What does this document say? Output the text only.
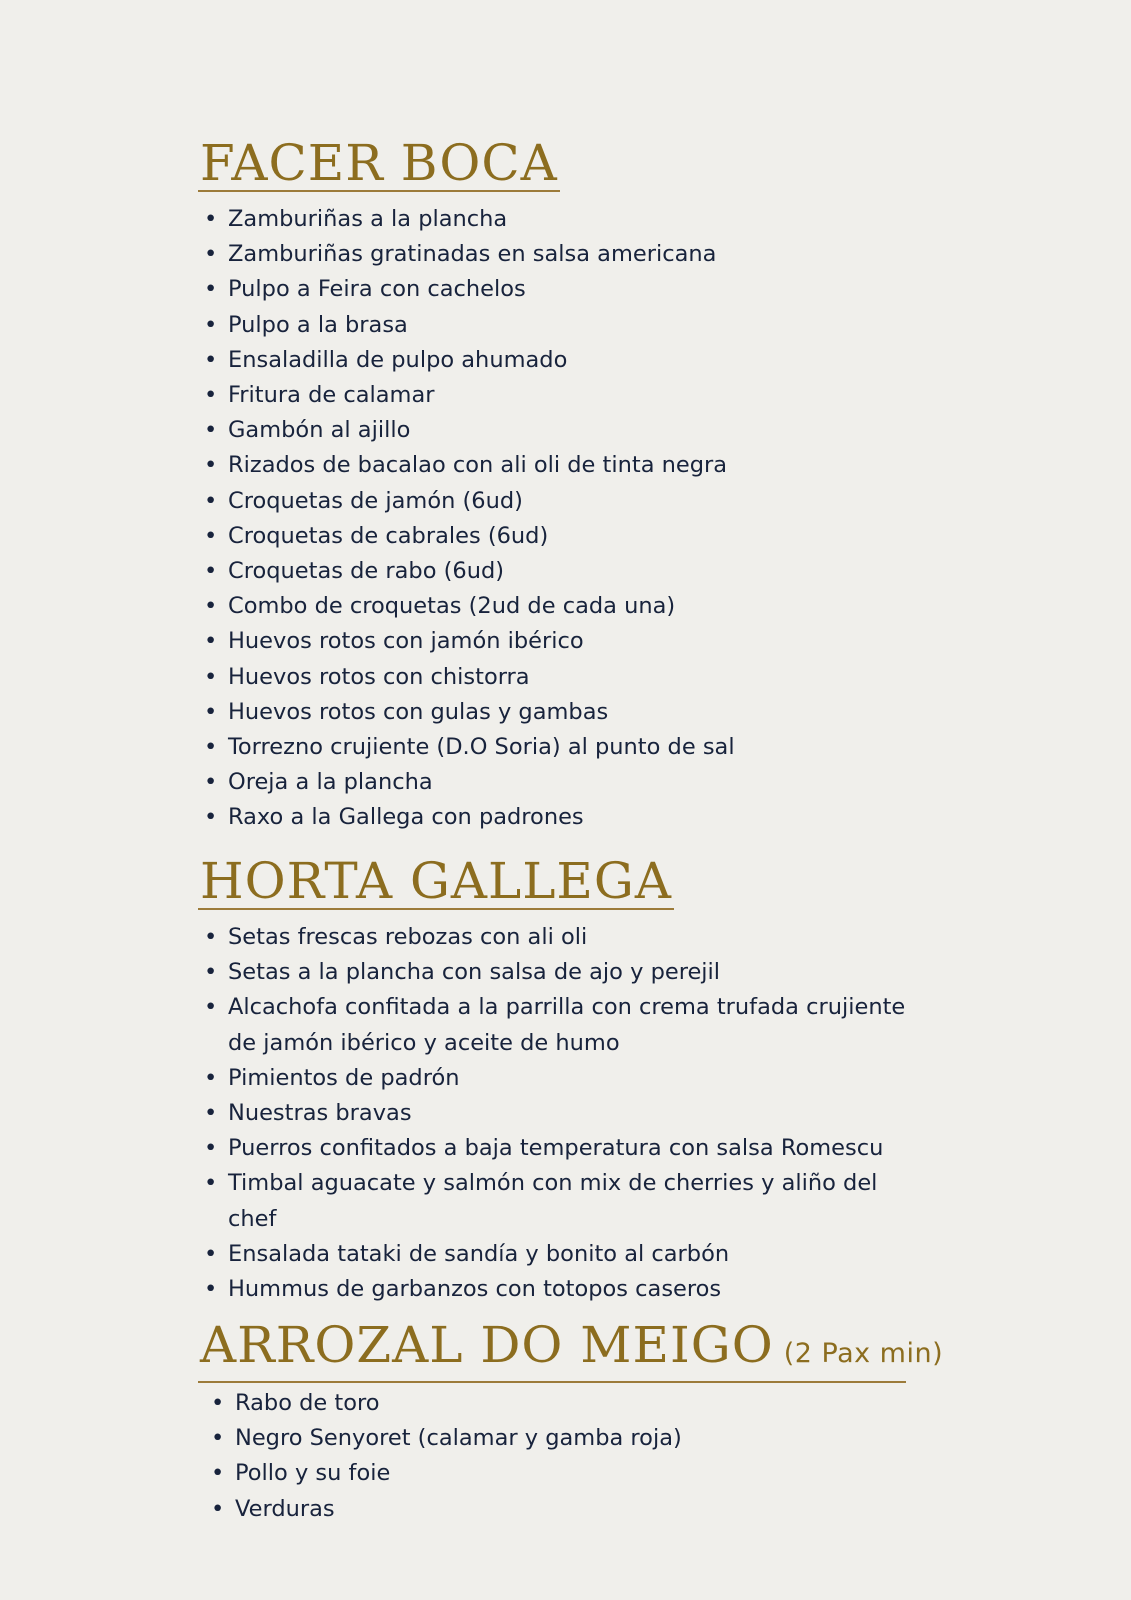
FACER BOCA
• Zamburiñas a la plancha
• Zamburiñas gratinadas en salsa americana
• Pulpo a Feira con cachelos
• Pulpo a la brasa
• Ensaladilla de pulpo ahumado
• Fritura de calamar
• Gambón al ajillo
• Rizados de bacalao con ali oli de tinta negra
• Croquetas de jamón (6ud)
• Croquetas de cabrales (6ud)
• Croquetas de rabo (6ud)
• Combo de croquetas (2ud de cada una)
• Huevos rotos con jamón ibérico
• Huevos rotos con chistorra
• Huevos rotos con gulas y gambas
• Torrezno crujiente (D.O Soria) al punto de sal
• Oreja a la plancha
• Raxo a la Gallega con padrones
HORTA GALLEGA
• Setas frescas rebozas con ali oli
• Setas a la plancha con salsa de ajo y perejil
• Alcachofa confitada a la parrilla con crema trufada crujiente de jamón ibérico y aceite de humo
• Pimientos de padrón
• Nuestras bravas
• Puerros confitados a baja temperatura con salsa Romescu
• Timbal aguacate y salmón con mix de cherries y aliño del chef
• Ensalada tataki de sandía y bonito al carbón
• Hummus de garbanzos con totopos caseros
ARROZAL DO MEIGO (2 Pax min)
• Rabo de toro
• Negro Senyoret (calamar y gamba roja)
• Pollo y su foie
• Verduras
